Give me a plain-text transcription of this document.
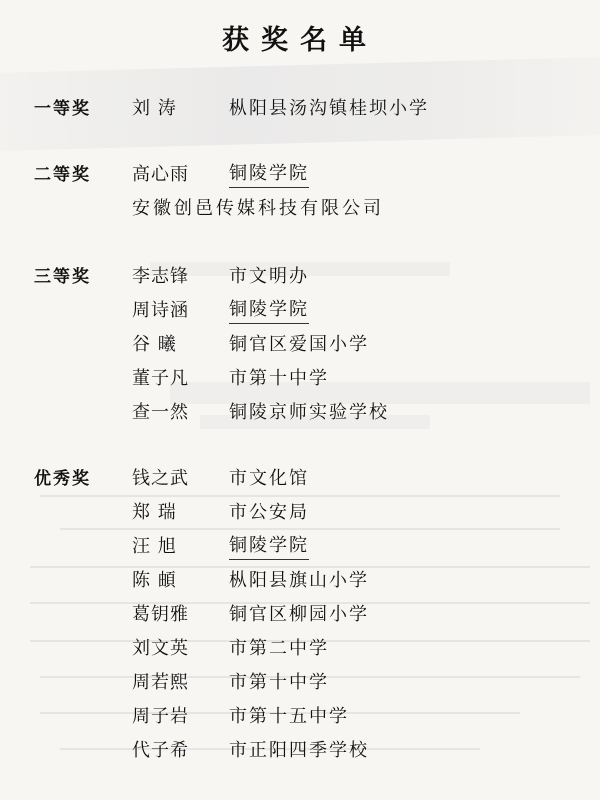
获奖名单
一等奖 刘 涛	枞阳县汤沟镇桂坝小学
二等奖 高心雨	铜陵学院
安徽创邑传媒科技有限公司
三等奖 李志锋	市文明办
周诗涵	铜陵学院
谷 曦	铜官区爱国小学
董子凡	市第十中学
查一然	铜陵京师实验学校
优秀奖 钱之武	市文化馆
郑 瑞	市公安局
汪 旭	铜陵学院
陈 頔	枞阳县旗山小学
葛钥雅	铜官区柳园小学
刘文英	市第二中学
周若熙	市第十中学
周子岩	市第十五中学
代子希	市正阳四季学校
